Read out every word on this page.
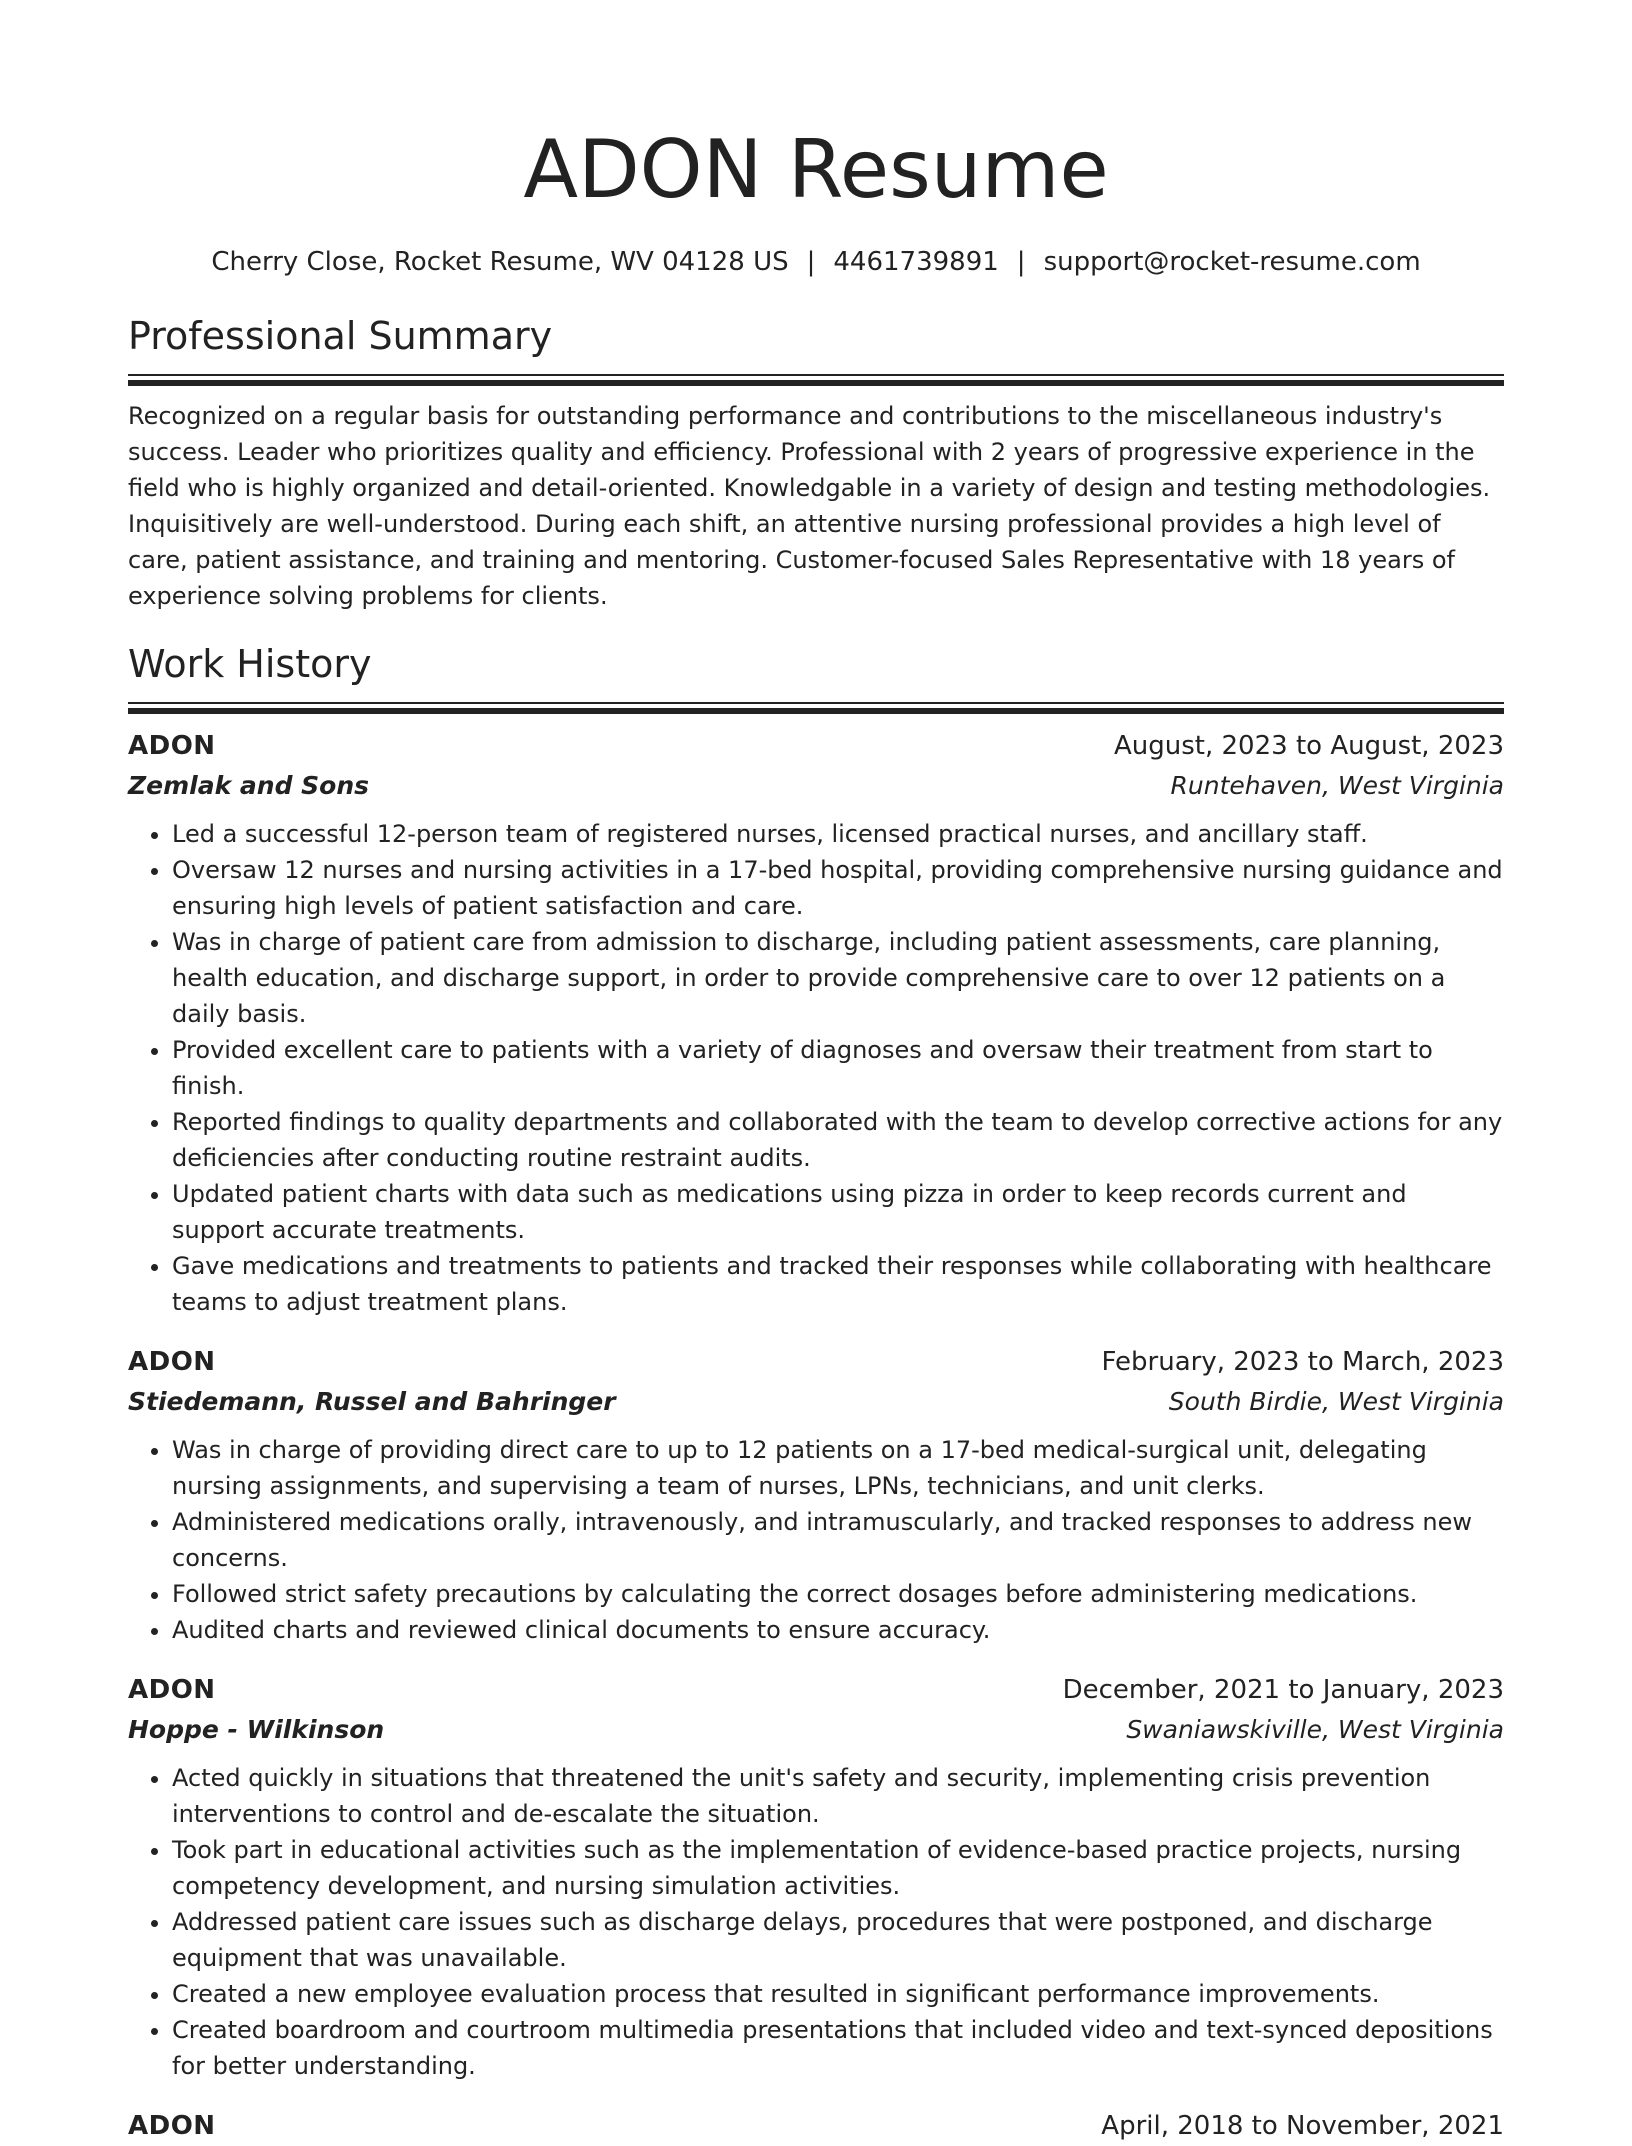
ADON Resume
Cherry Close, Rocket Resume, WV 04128 US | 4461739891 | support@rocket-resume.com
Professional Summary

Recognized on a regular basis for outstanding performance and contributions to the miscellaneous industry's success. Leader who prioritizes quality and efficiency. Professional with 2 years of progressive experience in the field who is highly organized and detail-oriented. Knowledgable in a variety of design and testing methodologies. Inquisitively are well-understood. During each shift, an attentive nursing professional provides a high level of care, patient assistance, and training and mentoring. Customer-focused Sales Representative with 18 years of experience solving problems for clients.

Work History
ADON	August, 2023 to August, 2023
Zemlak and Sons	Runtehaven, West Virginia
• Led a successful 12-person team of registered nurses, licensed practical nurses, and ancillary staff.
• Oversaw 12 nurses and nursing activities in a 17-bed hospital, providing comprehensive nursing guidance and ensuring high levels of patient satisfaction and care.
• Was in charge of patient care from admission to discharge, including patient assessments, care planning, health education, and discharge support, in order to provide comprehensive care to over 12 patients on a daily basis.
• Provided excellent care to patients with a variety of diagnoses and oversaw their treatment from start to finish.
• Reported findings to quality departments and collaborated with the team to develop corrective actions for any deficiencies after conducting routine restraint audits.
• Updated patient charts with data such as medications using pizza in order to keep records current and support accurate treatments.
• Gave medications and treatments to patients and tracked their responses while collaborating with healthcare teams to adjust treatment plans.
ADON	February, 2023 to March, 2023
Stiedemann, Russel and Bahringer	South Birdie, West Virginia
• Was in charge of providing direct care to up to 12 patients on a 17-bed medical-surgical unit, delegating nursing assignments, and supervising a team of nurses, LPNs, technicians, and unit clerks.
• Administered medications orally, intravenously, and intramuscularly, and tracked responses to address new concerns.
• Followed strict safety precautions by calculating the correct dosages before administering medications.
• Audited charts and reviewed clinical documents to ensure accuracy.
ADON	December, 2021 to January, 2023
Hoppe - Wilkinson	Swaniawskiville, West Virginia
• Acted quickly in situations that threatened the unit's safety and security, implementing crisis prevention interventions to control and de-escalate the situation.
• Took part in educational activities such as the implementation of evidence-based practice projects, nursing competency development, and nursing simulation activities.
• Addressed patient care issues such as discharge delays, procedures that were postponed, and discharge equipment that was unavailable.
• Created a new employee evaluation process that resulted in significant performance improvements.
• Created boardroom and courtroom multimedia presentations that included video and text-synced depositions for better understanding.
ADON	April, 2018 to November, 2021
